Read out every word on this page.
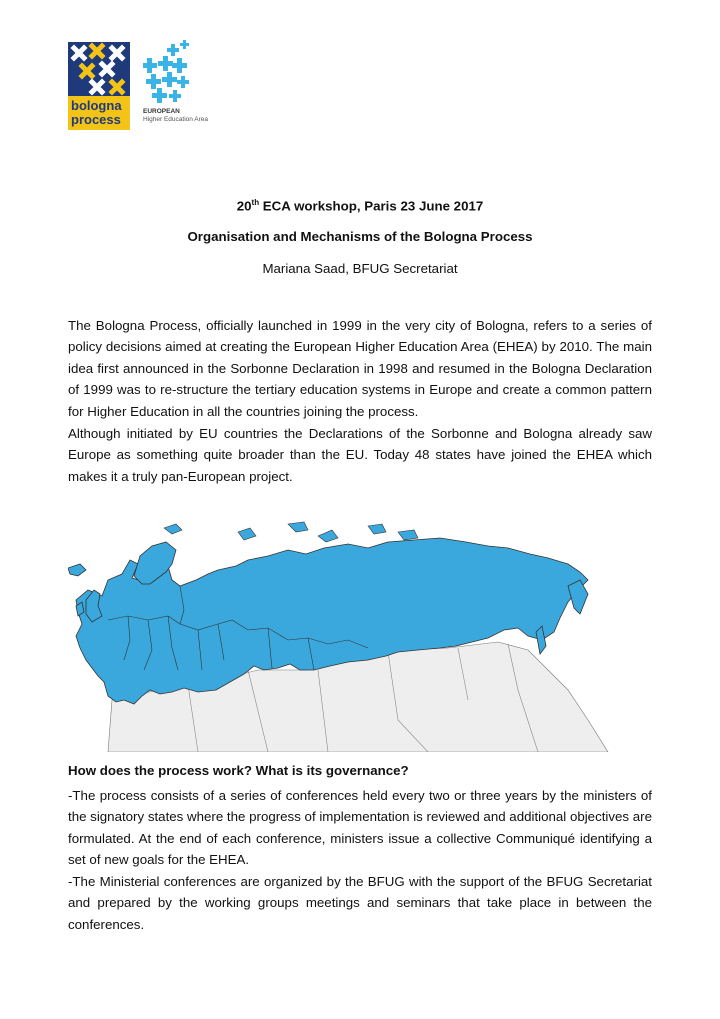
bologna
process
EUROPEAN
Higher Education Area
20th ECA workshop, Paris 23 June 2017
Organisation and Mechanisms of the Bologna Process
Mariana Saad, BFUG Secretariat

The Bologna Process, officially launched in 1999 in the very city of Bologna, refers to a series of policy decisions aimed at creating the European Higher Education Area (EHEA) by 2010. The main idea first announced in the Sorbonne Declaration in 1998 and resumed in the Bologna Declaration of 1999 was to re-structure the tertiary education systems in Europe and create a common pattern for Higher Education in all the countries joining the process.

Although initiated by EU countries the Declarations of the Sorbonne and Bologna already saw Europe as something quite broader than the EU. Today 48 states have joined the EHEA which makes it a truly pan-European project.

How does the process work? What is its governance?

-The process consists of a series of conferences held every two or three years by the ministers of the signatory states where the progress of implementation is reviewed and additional objectives are formulated. At the end of each conference, ministers issue a collective Communiqué identifying a set of new goals for the EHEA.

-The Ministerial conferences are organized by the BFUG with the support of the BFUG Secretariat and prepared by the working groups meetings and seminars that take place in between the conferences.
